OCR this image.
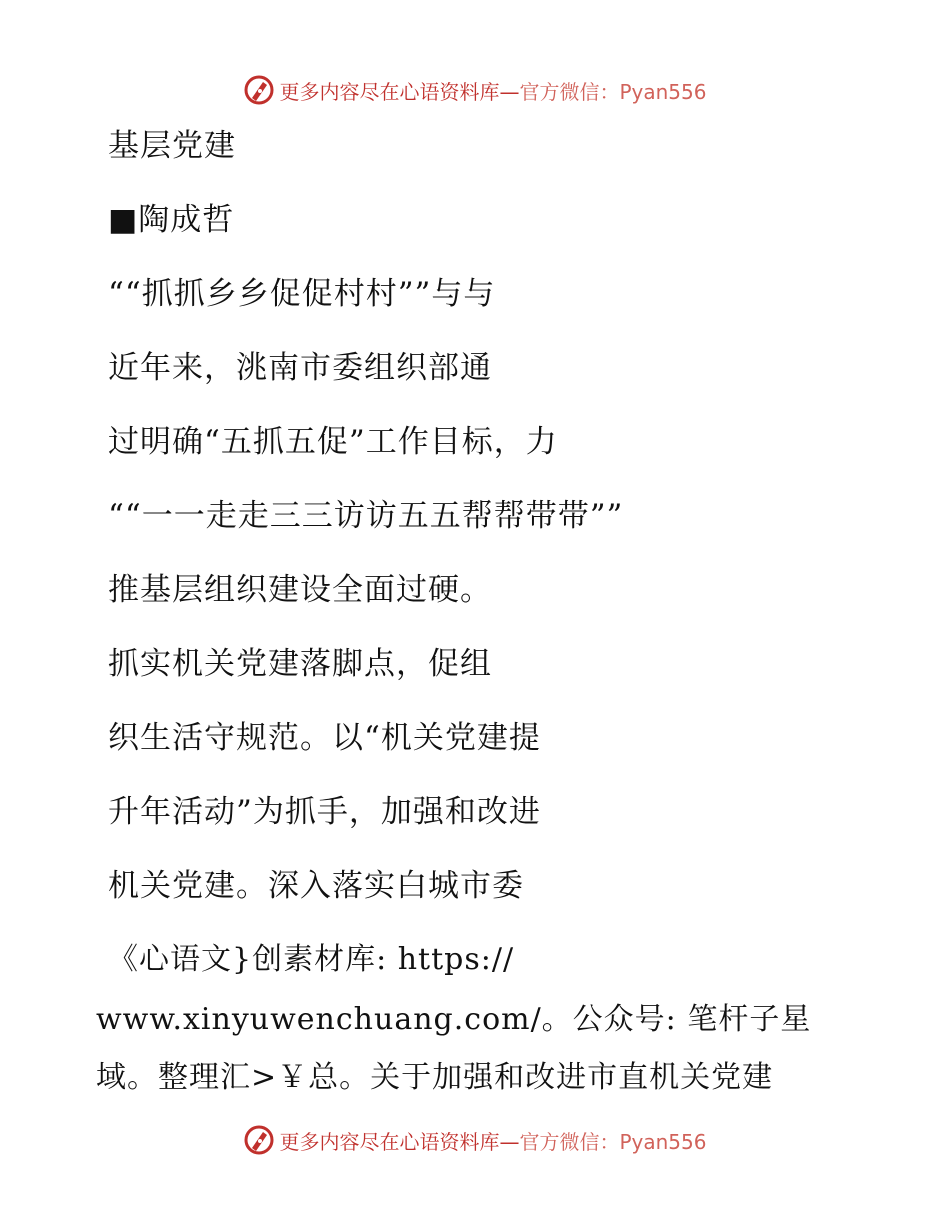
更多内容尽在心语资料库—官方微信：Pyan556
基层党建
■陶成哲
““抓抓乡乡促促村村””与与
近年来，洮南市委组织部通
过明确“五抓五促”工作目标，力
““一一走走三三访访五五帮帮带带””
推基层组织建设全面过硬。
抓实机关党建落脚点，促组
织生活守规范。以“机关党建提
升年活动”为抓手，加强和改进
机关党建。深入落实白城市委
《心语文}创素材库: https://
www.xinyuwenchuang.com/。公众号: 笔杆子星
域。整理汇>￥总。关于加强和改进市直机关党建
更多内容尽在心语资料库—官方微信：Pyan556
